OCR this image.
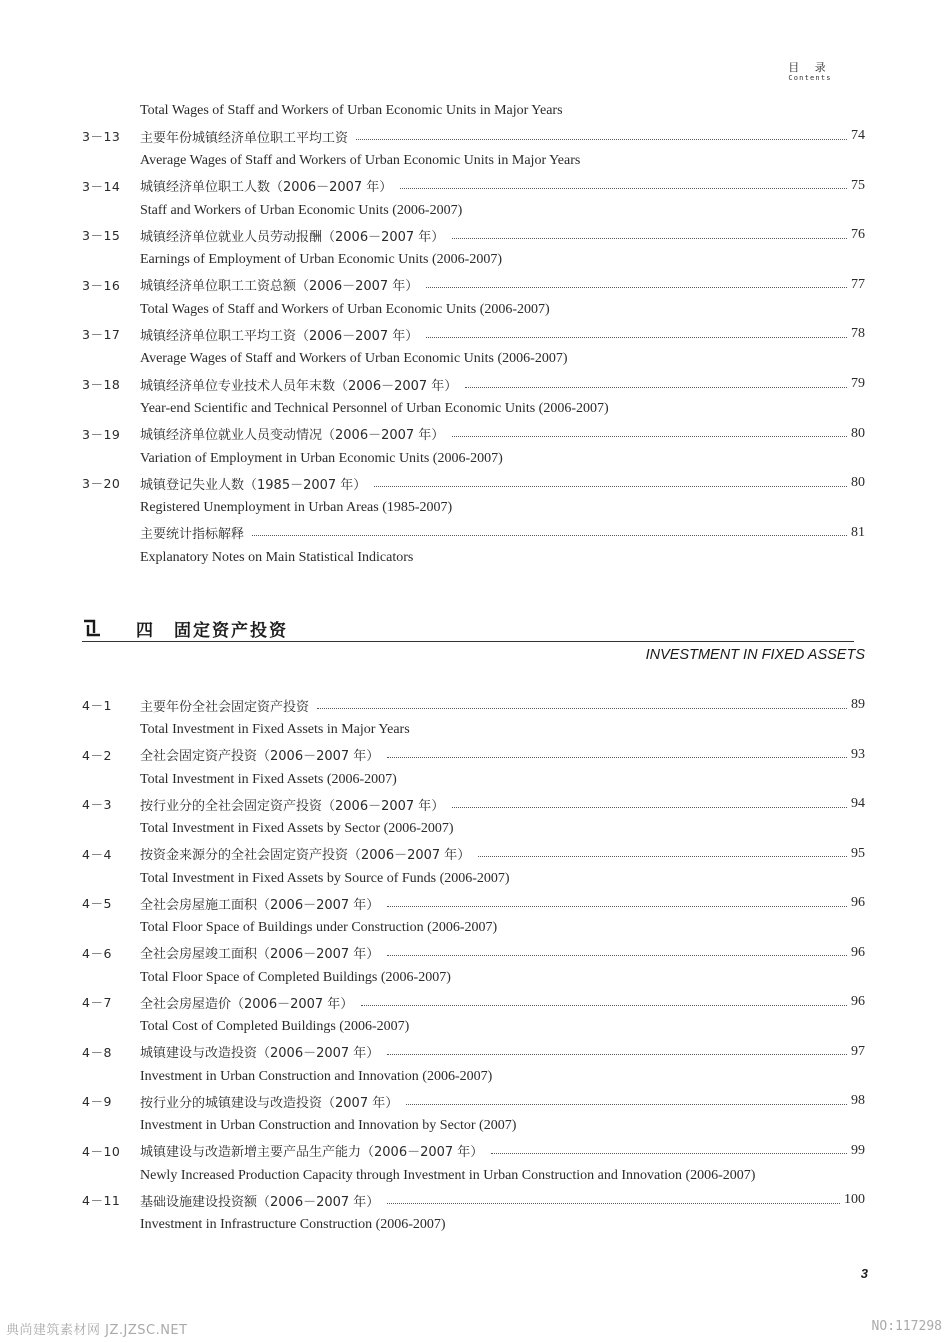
目 录
Contents
Total Wages of Staff and Workers of Urban Economic Units in Major Years
3－13	主要年份城镇经济单位职工平均工资	74
Average Wages of Staff and Workers of Urban Economic Units in Major Years
3－14	城镇经济单位职工人数（2006－2007 年）	75
Staff and Workers of Urban Economic Units (2006-2007)
3－15	城镇经济单位就业人员劳动报酬（2006－2007 年）	76
Earnings of Employment of Urban Economic Units (2006-2007)
3－16	城镇经济单位职工工资总额（2006－2007 年）	77
Total Wages of Staff and Workers of Urban Economic Units (2006-2007)
3－17	城镇经济单位职工平均工资（2006－2007 年）	78
Average Wages of Staff and Workers of Urban Economic Units (2006-2007)
3－18	城镇经济单位专业技术人员年末数（2006－2007 年）	79
Year-end Scientific and Technical Personnel of Urban Economic Units (2006-2007)
3－19	城镇经济单位就业人员变动情况（2006－2007 年）	80
Variation of Employment in Urban Economic Units (2006-2007)
3－20	城镇登记失业人数（1985－2007 年）	80
Registered Unemployment in Urban Areas (1985-2007)
主要统计指标解释	81
Explanatory Notes on Main Statistical Indicators
四 固定资产投资
INVESTMENT IN FIXED ASSETS
4－1	主要年份全社会固定资产投资	89
Total Investment in Fixed Assets in Major Years
4－2	全社会固定资产投资（2006－2007 年）	93
Total Investment in Fixed Assets (2006-2007)
4－3	按行业分的全社会固定资产投资（2006－2007 年）	94
Total Investment in Fixed Assets by Sector (2006-2007)
4－4	按资金来源分的全社会固定资产投资（2006－2007 年）	95
Total Investment in Fixed Assets by Source of Funds (2006-2007)
4－5	全社会房屋施工面积（2006－2007 年）	96
Total Floor Space of Buildings under Construction (2006-2007)
4－6	全社会房屋竣工面积（2006－2007 年）	96
Total Floor Space of Completed Buildings (2006-2007)
4－7	全社会房屋造价（2006－2007 年）	96
Total Cost of Completed Buildings (2006-2007)
4－8	城镇建设与改造投资（2006－2007 年）	97
Investment in Urban Construction and Innovation (2006-2007)
4－9	按行业分的城镇建设与改造投资（2007 年）	98
Investment in Urban Construction and Innovation by Sector (2007)
4－10	城镇建设与改造新增主要产品生产能力（2006－2007 年）	99
Newly Increased Production Capacity through Investment in Urban Construction and Innovation (2006-2007)
4－11	基础设施建设投资额（2006－2007 年）	100
Investment in Infrastructure Construction (2006-2007)
3
典尚建筑素材网 JZ.JZSC.NET	NO:117298
